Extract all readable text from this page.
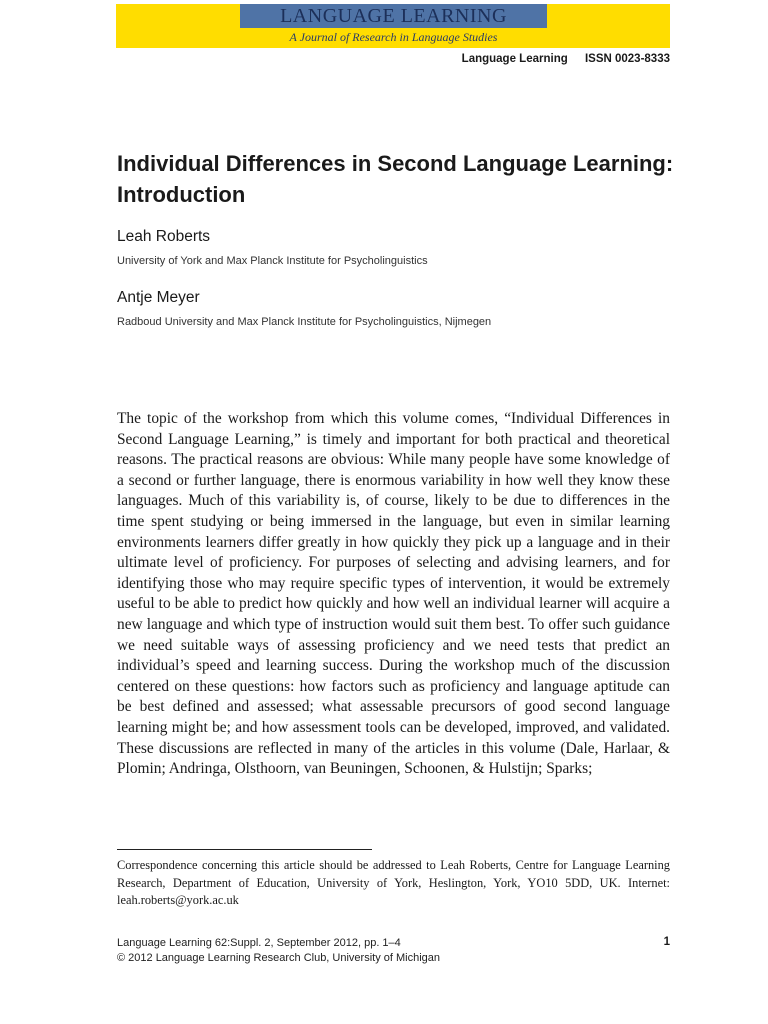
LANGUAGE LEARNING
A Journal of Research in Language Studies
Language Learning ISSN 0023-8333
Individual Differences in Second Language Learning: Introduction
Leah Roberts
University of York and Max Planck Institute for Psycholinguistics
Antje Meyer
Radboud University and Max Planck Institute for Psycholinguistics, Nijmegen

The topic of the workshop from which this volume comes, “Individual Differences in Second Language Learning,” is timely and important for both practical and theoretical reasons. The practical reasons are obvious: While many people have some knowledge of a second or further language, there is enormous variability in how well they know these languages. Much of this variability is, of course, likely to be due to differences in the time spent studying or being immersed in the language, but even in similar learning environments learners differ greatly in how quickly they pick up a language and in their ultimate level of proficiency. For purposes of selecting and advising learners, and for identifying those who may require specific types of intervention, it would be extremely useful to be able to predict how quickly and how well an individual learner will acquire a new language and which type of instruction would suit them best. To offer such guidance we need suitable ways of assessing proficiency and we need tests that predict an individual’s speed and learning success. During the workshop much of the discussion centered on these questions: how factors such as proficiency and language aptitude can be best defined and assessed; what assessable precursors of good second language learning might be; and how assessment tools can be developed, improved, and validated. These discussions are reflected in many of the articles in this volume (Dale, Harlaar, & Plomin; Andringa, Olsthoorn, van Beuningen, Schoonen, & Hulstijn; Sparks;

Correspondence concerning this article should be addressed to Leah Roberts, Centre for Language Learning Research, Department of Education, University of York, Heslington, York, YO10 5DD, UK. Internet: leah.roberts@york.ac.uk

Language Learning 62:Suppl. 2, September 2012, pp. 1–4
© 2012 Language Learning Research Club, University of Michigan
1
